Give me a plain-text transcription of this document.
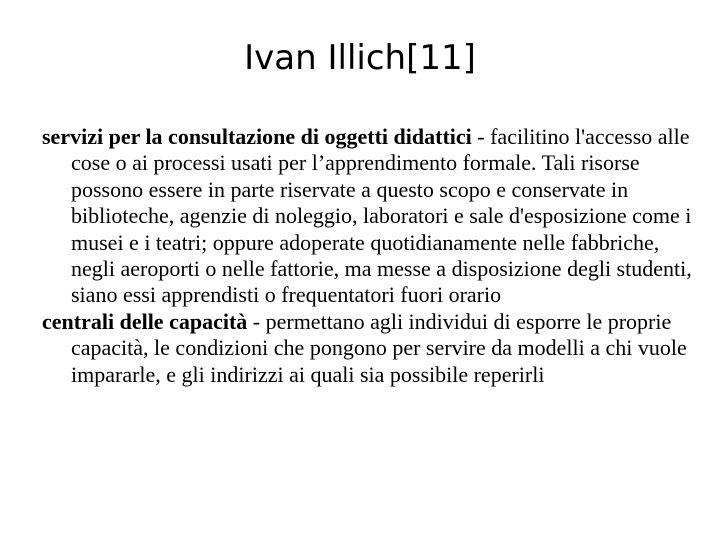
Ivan Illich[11]

servizi per la consultazione di oggetti didattici - facilitino l'accesso alle cose o ai processi usati per l’apprendimento formale. Tali risorse possono essere in parte riservate a questo scopo e conservate in biblioteche, agenzie di noleggio, laboratori e sale d'esposizione come i musei e i teatri; oppure adoperate quotidianamente nelle fabbriche, negli aeroporti o nelle fattorie, ma messe a disposizione degli studenti, siano essi apprendisti o frequentatori fuori orario

centrali delle capacità - permettano agli individui di esporre le proprie capacità, le condizioni che pongono per servire da modelli a chi vuole impararle, e gli indirizzi ai quali sia possibile reperirli
